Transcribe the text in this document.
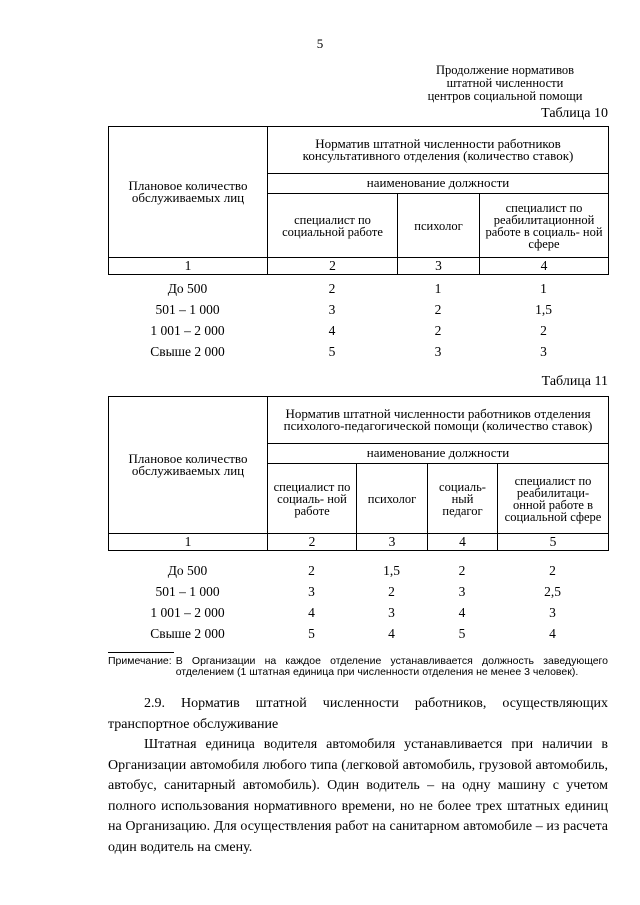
5
Продолжение нормативов
штатной численности
центров социальной помощи
Таблица 10
Плановое количество обслуживаемых лиц	Норматив штатной численности работников консультативного отделения (количество ставок)		
	наименование должности		
	специалист по социальной работе	психолог	специалист по реабилитационной работе в социаль- ной сфере
1	2	3	4
До 500	2	1	1
501 – 1 000	3	2	1,5
1 001 – 2 000	4	2	2
Свыше 2 000	5	3	3
Таблица 11
Плановое количество обслуживаемых лиц	Норматив штатной численности работников отделения психолого-педагогической помощи (количество ставок)			
	наименование должности			
	специалист по социаль- ной работе	психолог	социаль- ный педагог	специалист по реабилитаци- онной работе в социальной сфере
1	2	3	4	5
До 500	2	1,5	2	2
501 – 1 000	3	2	3	2,5
1 001 – 2 000	4	3	4	3
Свыше 2 000	5	4	5	4
Примечание: В Организации на каждое отделение устанавливается должность заведующего отделением (1 штатная единица при численности отделения не менее 3 человек).
2.9. Норматив штатной численности работников, осуществляющих транспортное обслуживание
Штатная единица водителя автомобиля устанавливается при наличии в Организации автомобиля любого типа (легковой автомобиль, грузовой автомобиль, автобус, санитарный автомобиль). Один водитель – на одну машину с учетом полного использования нормативного времени, но не более трех штатных единиц на Организацию. Для осуществления работ на санитарном автомобиле – из расчета один водитель на смену.
